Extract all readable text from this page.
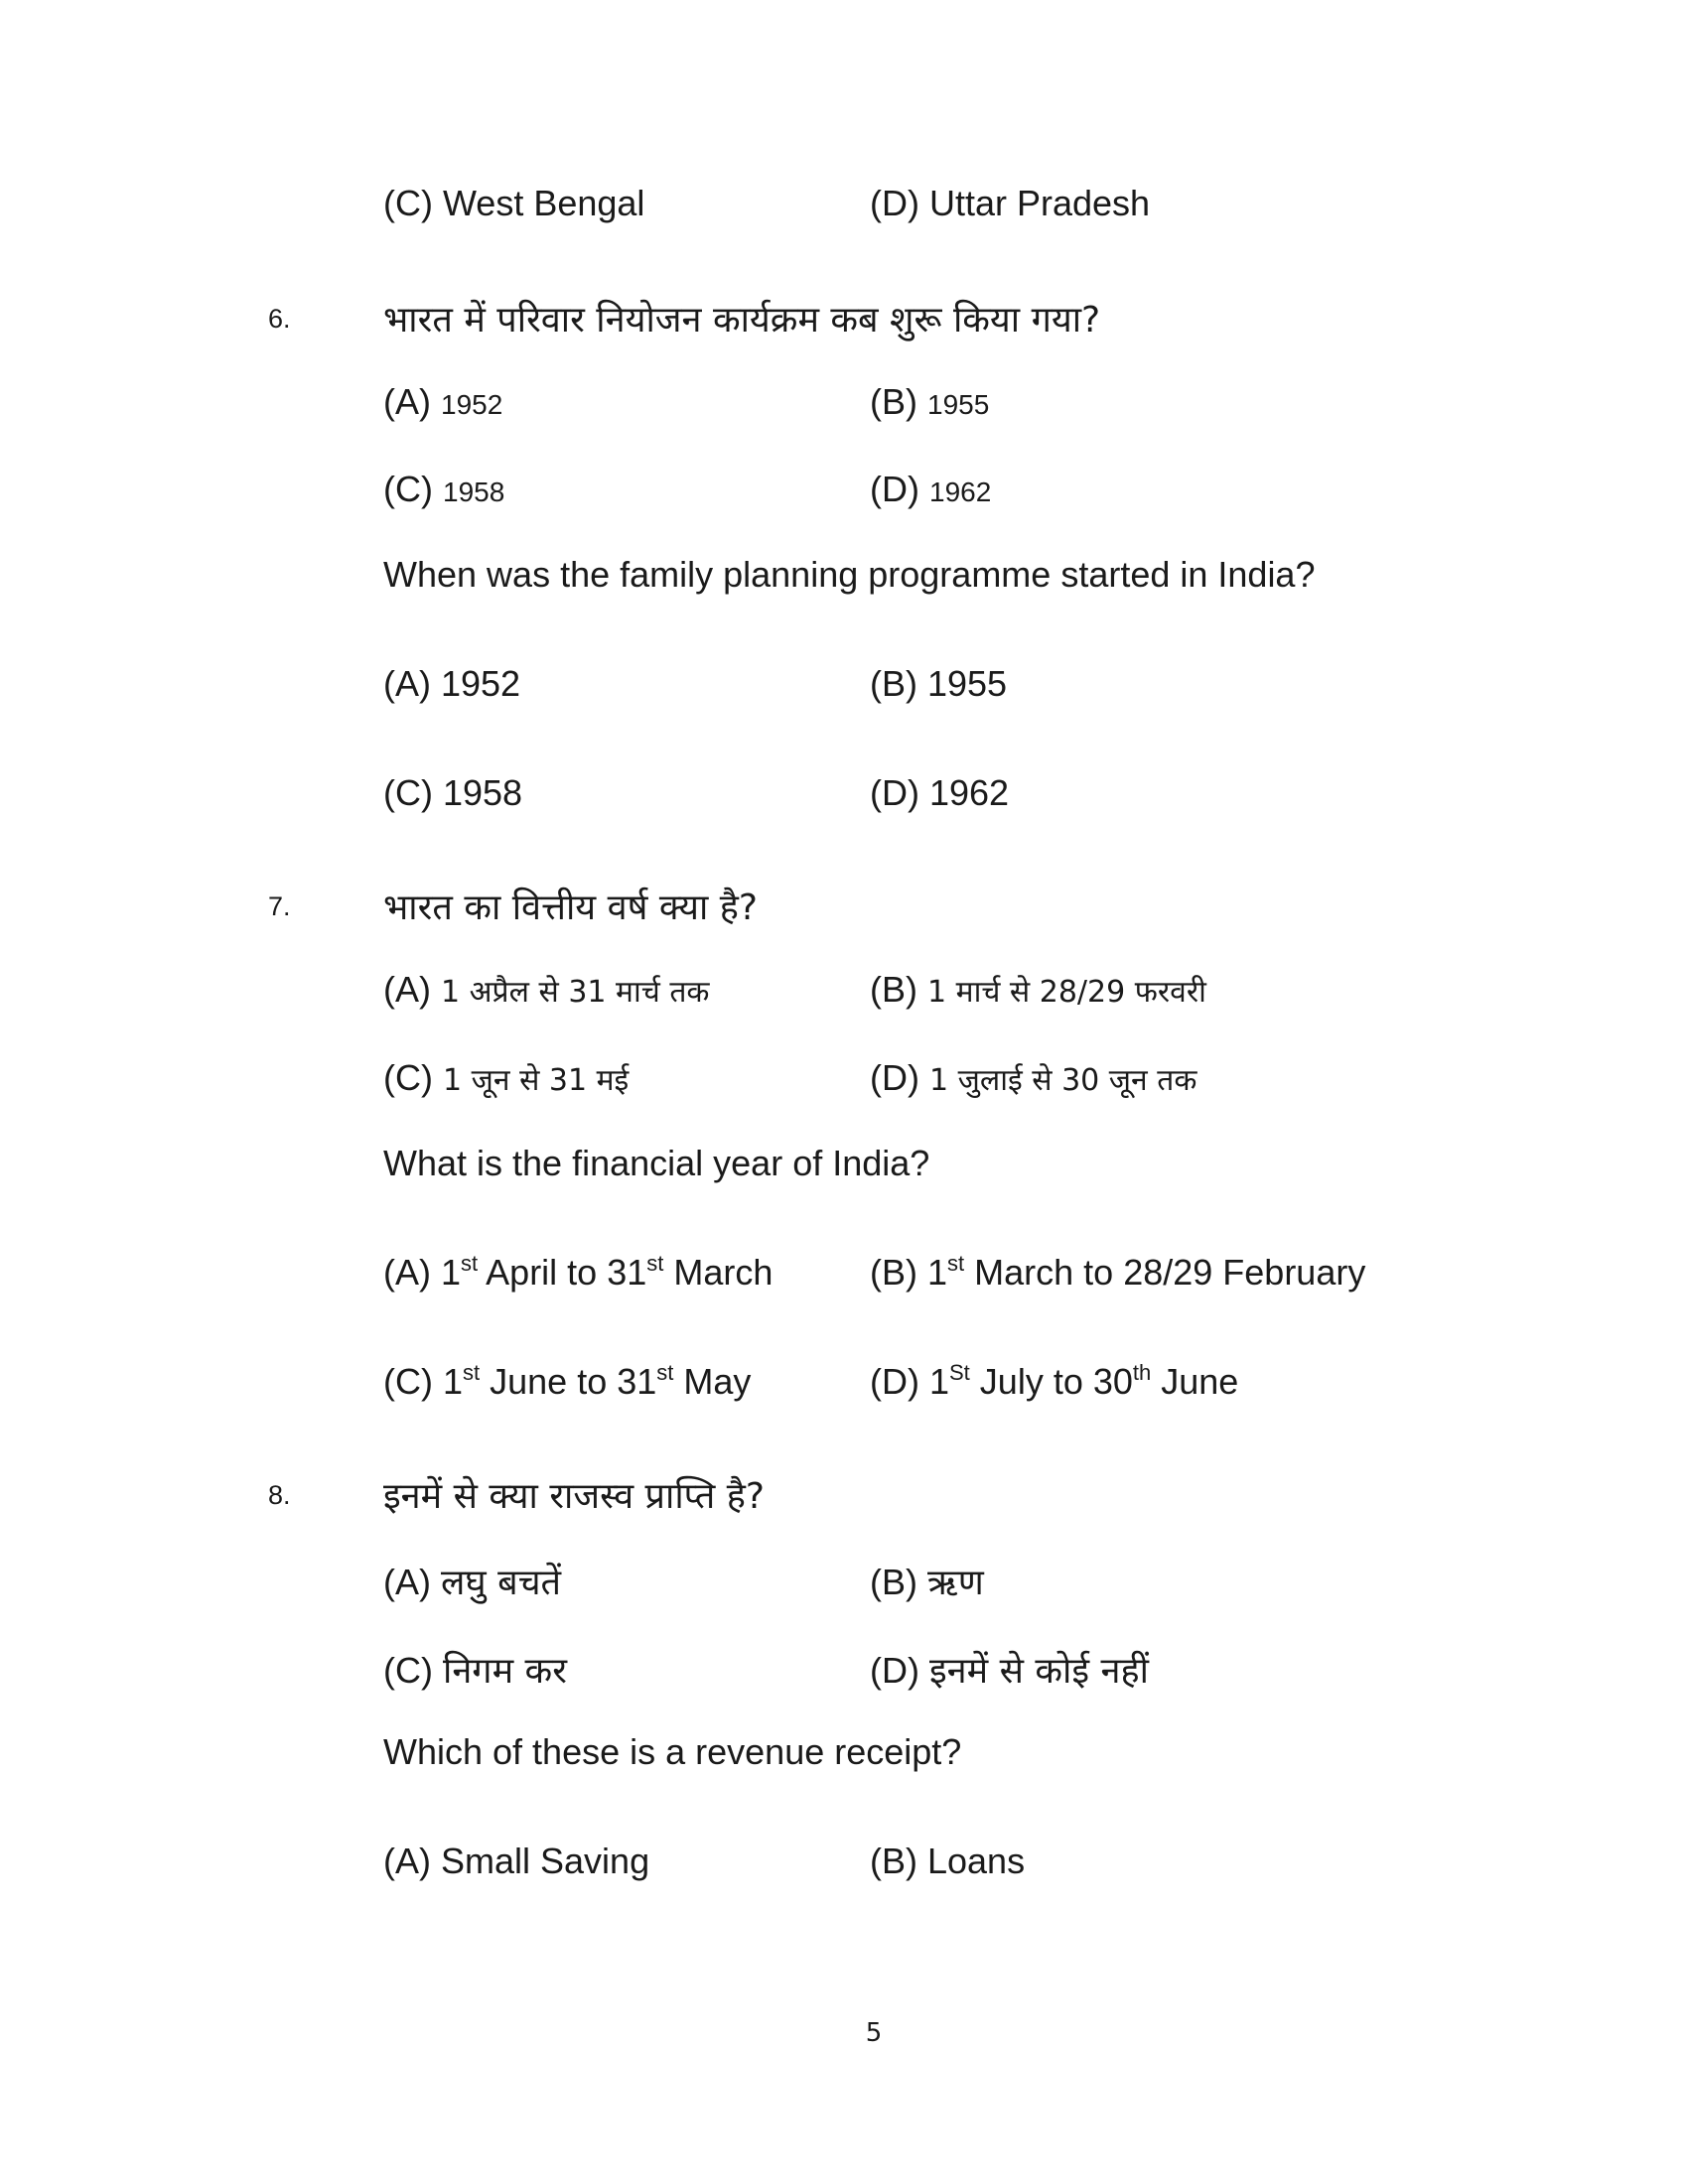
(C) West Bengal	(D) Uttar Pradesh
6.	भारत में परिवार नियोजन कार्यक्रम कब शुरू किया गया?
(A) 1952	(B) 1955
(C) 1958	(D) 1962
When was the family planning programme started in India?
(A) 1952	(B) 1955
(C) 1958	(D) 1962
7.	भारत का वित्तीय वर्ष क्या है?
(A) 1 अप्रैल से 31 मार्च तक	(B) 1 मार्च से 28/29 फरवरी
(C) 1 जून से 31 मई	(D) 1 जुलाई से 30 जून तक
What is the financial year of India?
(A) 1st April to 31st March	(B) 1st March to 28/29 February
(C) 1st June to 31st May	(D) 1St July to 30th June
8.	इनमें से क्या राजस्व प्राप्ति है?
(A) लघु बचतें	(B) ऋण
(C) निगम कर	(D) इनमें से कोई नहीं
Which of these is a revenue receipt?
(A) Small Saving	(B) Loans
5
